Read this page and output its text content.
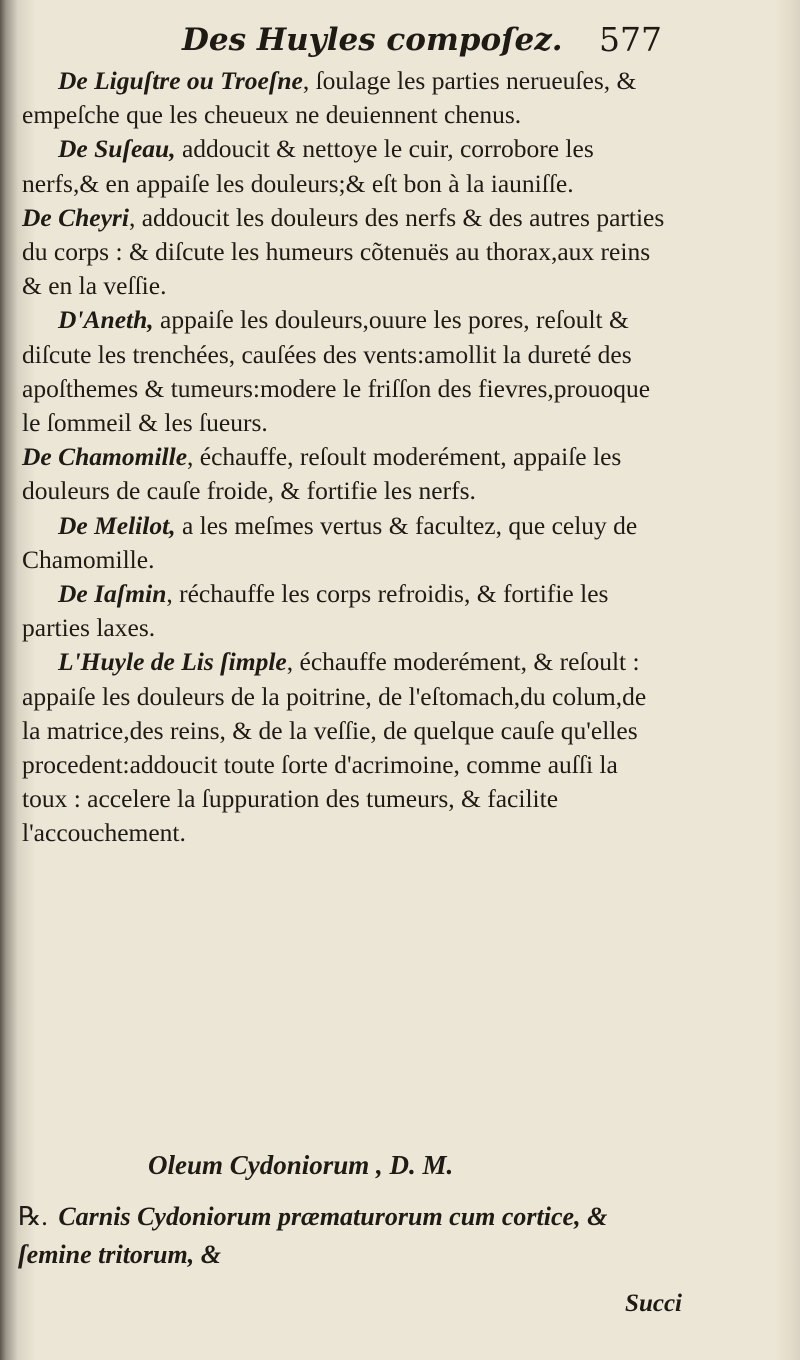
Des Huyles compoſez. 577

De Liguſtre ou Troeſne, ſoulage les parties nerueuſes, & empeſche que les cheueux ne deuiennent chenus.

De Suſeau, addoucit & nettoye le cuir, corrobore les nerfs,& en appaiſe les douleurs;& eſt bon à la iauniſſe.

De Cheyri, addoucit les douleurs des nerfs & des autres parties du corps : & diſcute les humeurs cõtenuës au thorax,aux reins & en la veſſie.

D'Aneth, appaiſe les douleurs,ouure les pores, reſoult & diſcute les trenchées, cauſées des vents:amollit la dureté des apoſthemes & tumeurs:modere le friſſon des fievres,prouoque le ſommeil & les ſueurs.

De Chamomille, échauffe, reſoult moderément, appaiſe les douleurs de cauſe froide, & fortifie les nerfs.

De Melilot, a les meſmes vertus & facultez, que celuy de Chamomille.

De Iaſmin, réchauffe les corps refroidis, & fortifie les parties laxes.

L'Huyle de Lis ſimple, échauffe moderément, & reſoult : appaiſe les douleurs de la poitrine, de l'eſtomach,du colum,de la matrice,des reins, & de la veſſie, de quelque cauſe qu'elles procedent:addoucit toute ſorte d'acrimoine, comme auſſi la toux : accelere la ſuppuration des tumeurs, & facilite l'accouchement.

Oleum Cydoniorum , D. M.
℞. Carnis Cydoniorum præmaturorum cum cortice, & ſemine tritorum, &
Succi
